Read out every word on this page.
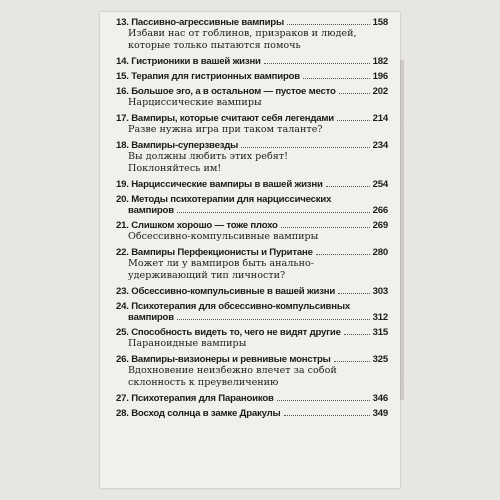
13. Пассивно-агрессивные вампиры	158
Избави нас от гоблинов, призраков и людей,
которые только пытаются помочь
14. Гистрионики в вашей жизни	182
15. Терапия для гистрионных вампиров	196
16. Большое эго, а в остальном — пустое место	202
Нарциссические вампиры
17. Вампиры, которые считают себя легендами	214
Разве нужна игра при таком таланте?
18. Вампиры-суперзвезды	234
Вы должны любить этих ребят!
Поклоняйтесь им!
19. Нарциссические вампиры в вашей жизни	254
20. Методы психотерапии для нарциссических
вампиров	266
21. Слишком хорошо — тоже плохо	269
Обсессивно-компульсивные вампиры
22. Вампиры Перфекционисты и Пуритане	280
Может ли у вампиров быть анально-
удерживающий тип личности?
23. Обсессивно-компульсивные в вашей жизни	303
24. Психотерапия для обсессивно-компульсивных
вампиров	312
25. Способность видеть то, чего не видят другие	315
Параноидные вампиры
26. Вампиры-визионеры и ревнивые монстры	325
Вдохновение неизбежно влечет за собой
склонность к преувеличению
27. Психотерапия для Параноиков	346
28. Восход солнца в замке Дракулы	349
